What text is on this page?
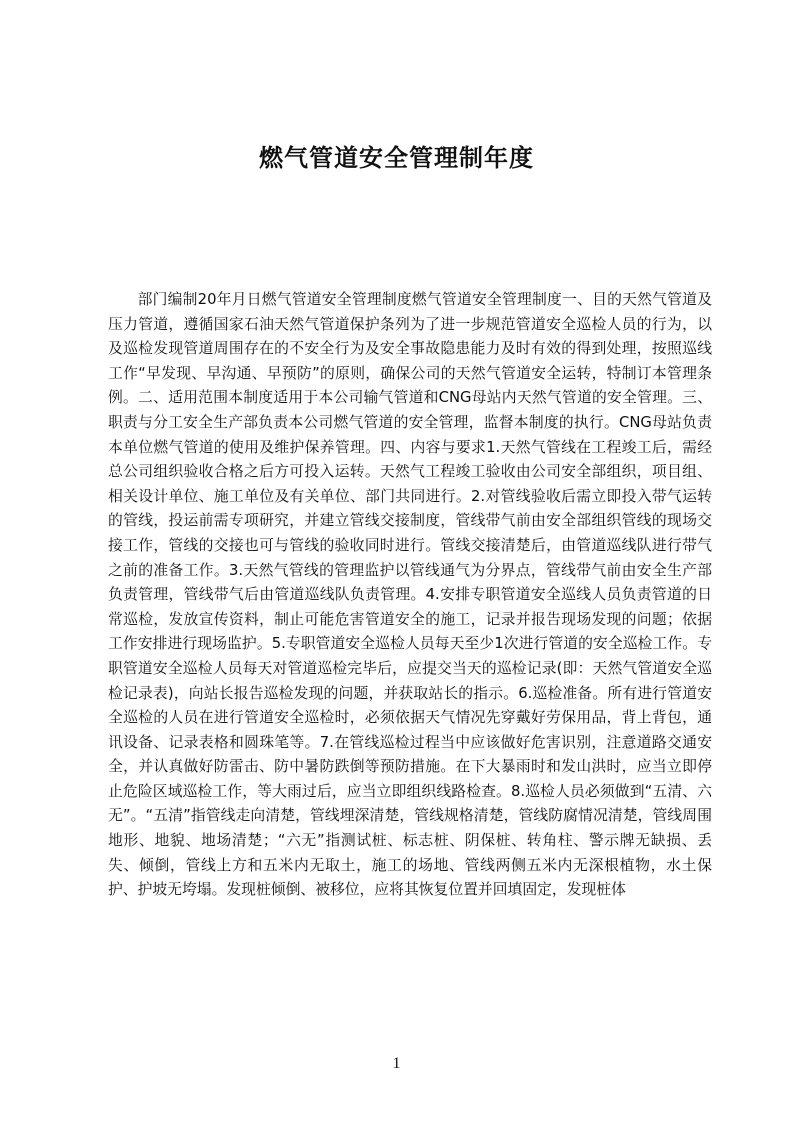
燃气管道安全管理制年度

部门编制20年月日燃气管道安全管理制度燃气管道安全管理制度一、目的天然气管道及压力管道，遵循国家石油天然气管道保护条列为了进一步规范管道安全巡检人员的行为，以及巡检发现管道周围存在的不安全行为及安全事故隐患能力及时有效的得到处理，按照巡线工作“早发现、早沟通、早预防”的原则，确保公司的天然气管道安全运转，特制订本管理条例。二、适用范围本制度适用于本公司输气管道和CNG母站内天然气管道的安全管理。三、职责与分工安全生产部负责本公司燃气管道的安全管理，监督本制度的执行。CNG母站负责本单位燃气管道的使用及维护保养管理。四、内容与要求1.天然气管线在工程竣工后，需经总公司组织验收合格之后方可投入运转。天然气工程竣工验收由公司安全部组织，项目组、相关设计单位、施工单位及有关单位、部门共同进行。2.对管线验收后需立即投入带气运转的管线，投运前需专项研究，并建立管线交接制度，管线带气前由安全部组织管线的现场交接工作，管线的交接也可与管线的验收同时进行。管线交接清楚后，由管道巡线队进行带气之前的准备工作。3.天然气管线的管理监护以管线通气为分界点，管线带气前由安全生产部负责管理，管线带气后由管道巡线队负责管理。4.安排专职管道安全巡线人员负责管道的日常巡检，发放宣传资料，制止可能危害管道安全的施工，记录并报告现场发现的问题；依据工作安排进行现场监护。5.专职管道安全巡检人员每天至少1次进行管道的安全巡检工作。专职管道安全巡检人员每天对管道巡检完毕后，应提交当天的巡检记录(即：天然气管道安全巡检记录表)，向站长报告巡检发现的问题，并获取站长的指示。6.巡检准备。所有进行管道安全巡检的人员在进行管道安全巡检时，必须依据天气情况先穿戴好劳保用品，背上背包，通讯设备、记录表格和圆珠笔等。7.在管线巡检过程当中应该做好危害识别，注意道路交通安全，并认真做好防雷击、防中暑防跌倒等预防措施。在下大暴雨时和发山洪时，应当立即停止危险区域巡检工作，等大雨过后，应当立即组织线路检查。8.巡检人员必须做到“五清、六无”。“五清”指管线走向清楚，管线埋深清楚，管线规格清楚，管线防腐情况清楚，管线周围地形、地貌、地场清楚；“六无”指测试桩、标志桩、阴保桩、转角柱、警示牌无缺损、丢失、倾倒，管线上方和五米内无取土，施工的场地、管线两侧五米内无深根植物，水土保护、护坡无垮塌。发现桩倾倒、被移位，应将其恢复位置并回填固定，发现桩体

1
